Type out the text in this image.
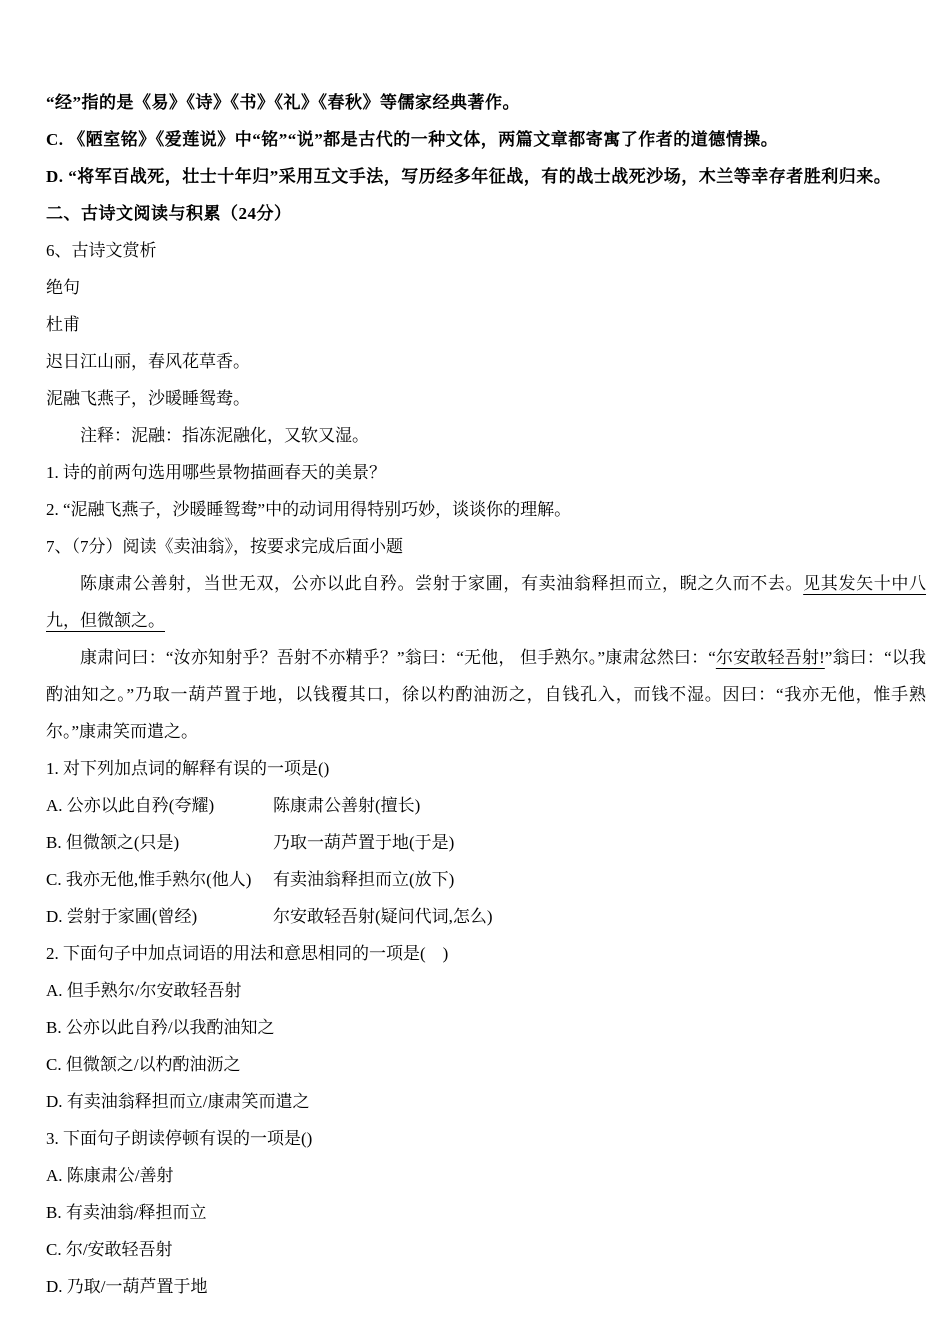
“经”指的是《易》《诗》《书》《礼》《春秋》等儒家经典著作。

C. 《陋室铭》《爱莲说》中“铭”“说”都是古代的一种文体，两篇文章都寄寓了作者的道德情操。

D. “将军百战死，壮士十年归”采用互文手法，写历经多年征战，有的战士战死沙场，木兰等幸存者胜利归来。

二、古诗文阅读与积累（24分）

6、古诗文赏析

绝句

杜甫

迟日江山丽，春风花草香。

泥融飞燕子，沙暖睡鸳鸯。

注释：泥融：指冻泥融化，又软又湿。

1. 诗的前两句选用哪些景物描画春天的美景？

2. “泥融飞燕子，沙暖睡鸳鸯”中的动词用得特别巧妙，谈谈你的理解。

7、（7分）阅读《卖油翁》，按要求完成后面小题

陈康肃公善射，当世无双，公亦以此自矜。尝射于家圃，有卖油翁释担而立，睨之久而不去。见其发矢十中八九，但微颔之。

康肃问曰：“汝亦知射乎？吾射不亦精乎？”翁曰：“无他， 但手熟尔。”康肃忿然曰：“尔安敢轻吾射!”翁曰：“以我酌油知之。”乃取一葫芦置于地，以钱覆其口，徐以杓酌油沥之，自钱孔入，而钱不湿。因曰：“我亦无他，惟手熟尔。”康肃笑而遣之。

1. 对下列加点词的解释有误的一项是()

A. 公亦以此自矜(夸耀)	陈康肃公善射(擅长)

B. 但微颔之(只是)	乃取一葫芦置于地(于是)

C. 我亦无他,惟手熟尔(他人) 有卖油翁释担而立(放下)

D. 尝射于家圃(曾经)	尔安敢轻吾射(疑问代词,怎么)

2. 下面句子中加点词语的用法和意思相同的一项是(　)

A. 但手熟尔/尔安敢轻吾射

B. 公亦以此自矜/以我酌油知之

C. 但微颔之/以杓酌油沥之

D. 有卖油翁释担而立/康肃笑而遣之

3. 下面句子朗读停顿有误的一项是()

A. 陈康肃公/善射

B. 有卖油翁/释担而立

C. 尔/安敢轻吾射

D. 乃取/一葫芦置于地
